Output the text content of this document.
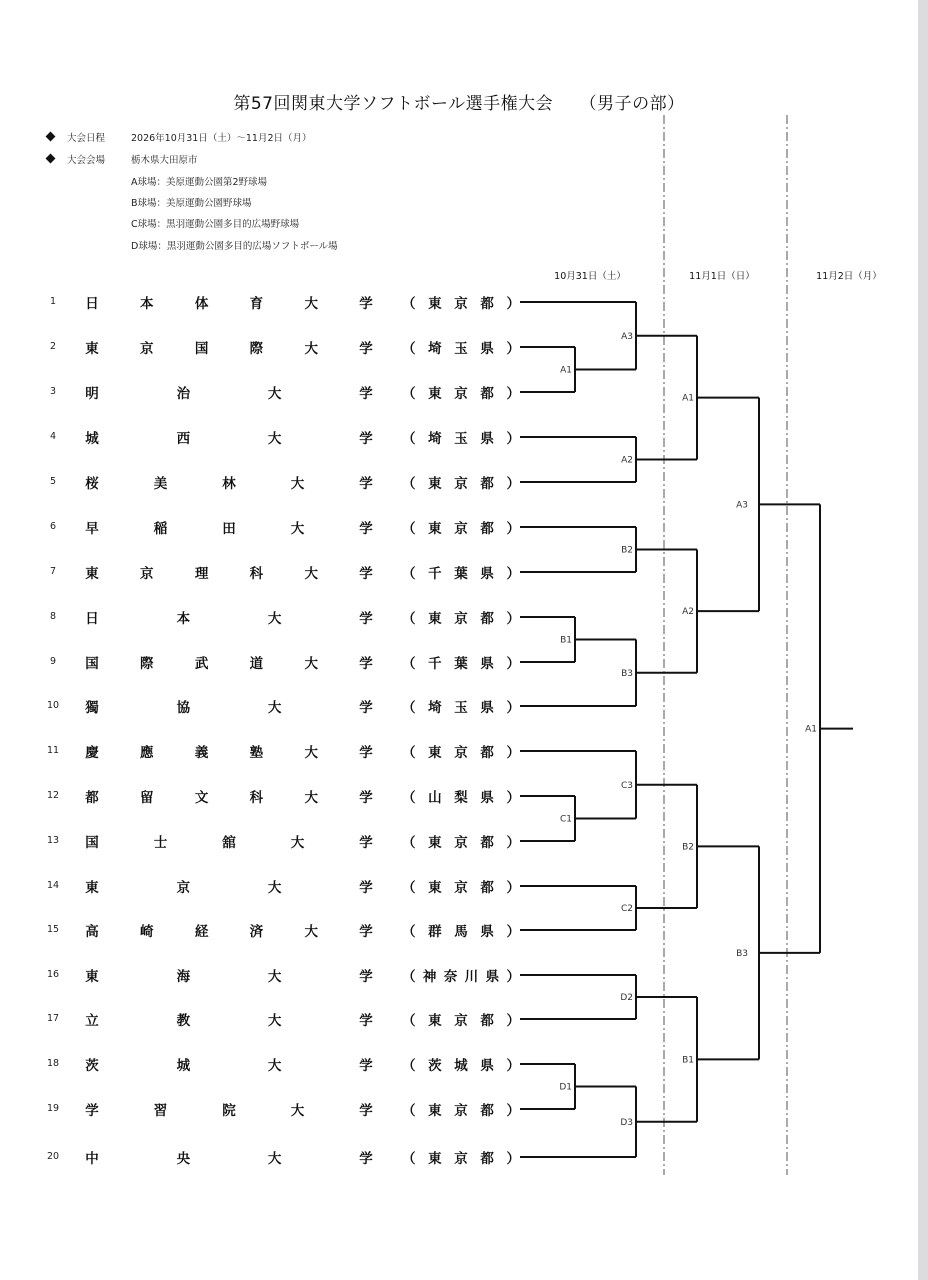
第57回関東大学ソフトボール選手権大会　　（男子の部）
大会日程	2026年10月31日（土）～11月2日（月）
大会会場	栃木県大田原市
A球場：美原運動公園第2野球場
B球場：美原運動公園野球場
C球場：黒羽運動公園多目的広場野球場
D球場：黒羽運動公園多目的広場ソフトボール場
10月31日（土）	11月1日（日）	11月2日（月）
1	日	本	体	育	大	学 （ 東 京 都 ）
2	東	京	国	際	大	学 （ 埼 玉 県 ）
3	明	治	大	学 （ 東 京 都 ）
4	城	西	大	学 （ 埼 玉 県 ）
5	桜	美	林	大	学 （ 東 京 都 ）
6	早	稲	田	大	学 （ 東 京 都 ）
7	東	京	理	科	大	学 （ 千 葉 県 ）
8	日	本	大	学 （ 東 京 都 ）
9	国	際	武	道	大	学 （ 千 葉 県 ）
10	獨	協	大	学 （ 埼 玉 県 ）
11	慶	應	義	塾	大	学 （ 東 京 都 ）
12	都	留	文	科	大	学 （ 山 梨 県 ）
13	国	士	舘	大	学 （ 東 京 都 ）
14	東	京	大	学 （ 東 京 都 ）
15	高	崎	経	済	大	学 （ 群 馬 県 ）
16	東	海	大	学 （ 神 奈 川 県 ）
17	立	教	大	学 （ 東 京 都 ）
18	茨	城	大	学 （ 茨 城 県 ）
19	学	習	院	大	学 （ 東 京 都 ）
20	中	央	大	学 （ 東 京 都 ）
A1
B1
C1
D1
A3
A2
B2
B3
C3
C2
D2
D3
A1
A2
B2
B1
A3
B3
A1
